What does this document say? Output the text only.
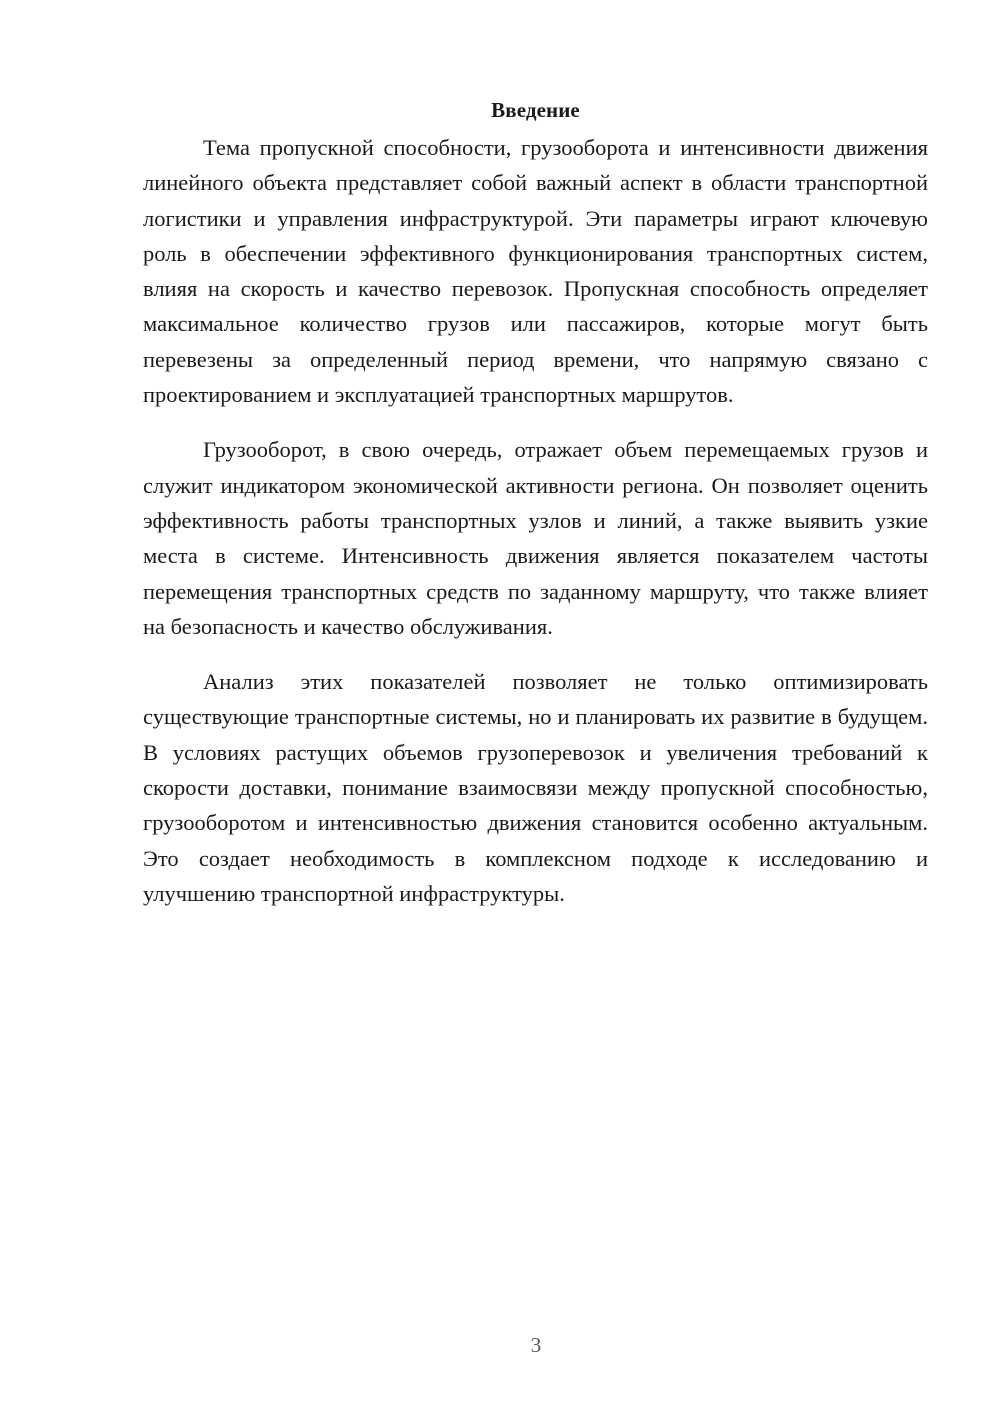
Введение

Тема пропускной способности, грузооборота и интенсивности движения линейного объекта представляет собой важный аспект в области транспортной логистики и управления инфраструктурой. Эти параметры играют ключевую роль в обеспечении эффективного функционирования транспортных систем, влияя на скорость и качество перевозок. Пропускная способность определяет максимальное количество грузов или пассажиров, которые могут быть перевезены за определенный период времени, что напрямую связано с проектированием и эксплуатацией транспортных маршрутов.

Грузооборот, в свою очередь, отражает объем перемещаемых грузов и служит индикатором экономической активности региона. Он позволяет оценить эффективность работы транспортных узлов и линий, а также выявить узкие места в системе. Интенсивность движения является показателем частоты перемещения транспортных средств по заданному маршруту, что также влияет на безопасность и качество обслуживания.

Анализ этих показателей позволяет не только оптимизировать существующие транспортные системы, но и планировать их развитие в будущем. В условиях растущих объемов грузоперевозок и увеличения требований к скорости доставки, понимание взаимосвязи между пропускной способностью, грузооборотом и интенсивностью движения становится особенно актуальным. Это создает необходимость в комплексном подходе к исследованию и улучшению транспортной инфраструктуры.

3
